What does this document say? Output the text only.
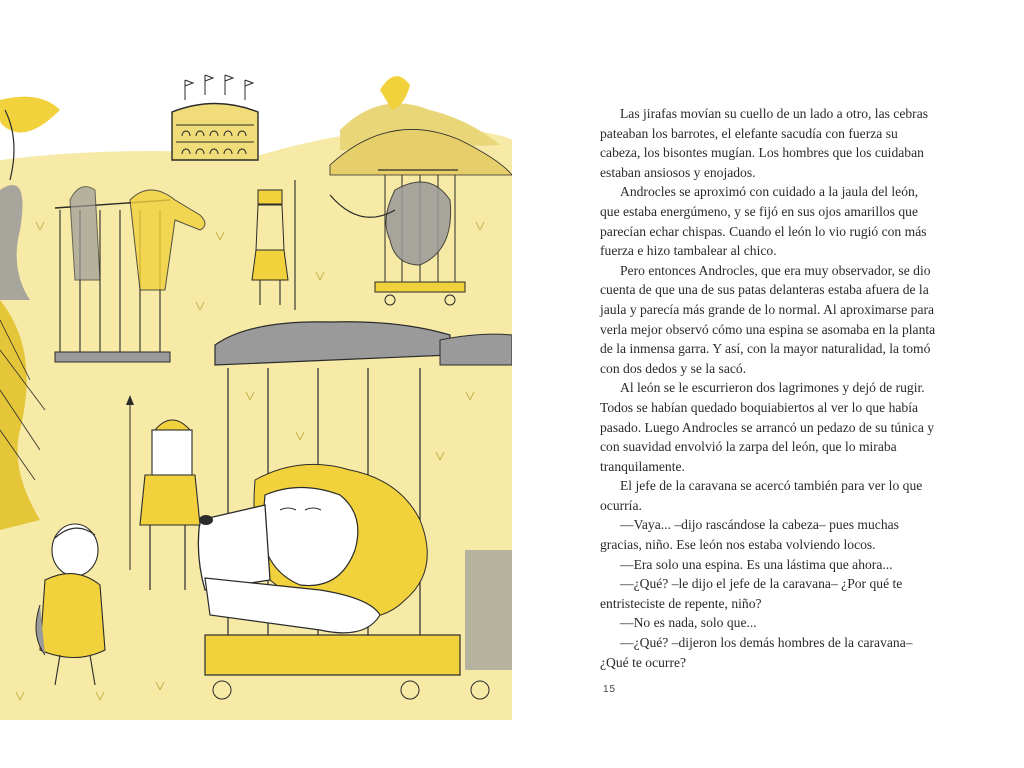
Las jirafas movían su cuello de un lado a otro, las cebras pateaban los barrotes, el elefante sacudía con fuerza su cabeza, los bisontes mugían. Los hombres que los cuidaban estaban ansiosos y enojados.

Androcles se aproximó con cuidado a la jaula del león, que estaba energúmeno, y se fijó en sus ojos amarillos que parecían echar chispas. Cuando el león lo vio rugió con más fuerza e hizo tambalear al chico.

Pero entonces Androcles, que era muy observador, se dio cuenta de que una de sus patas delanteras estaba afuera de la jaula y parecía más grande de lo normal. Al aproximarse para verla mejor observó cómo una espina se asomaba en la planta de la inmensa garra. Y así, con la mayor naturalidad, la tomó con dos dedos y se la sacó.

Al león se le escurrieron dos lagrimones y dejó de rugir. Todos se habían quedado boquiabiertos al ver lo que había pasado. Luego Androcles se arrancó un pedazo de su túnica y con suavidad envolvió la zarpa del león, que lo miraba tranquilamente.

El jefe de la caravana se acercó también para ver lo que ocurría.

—Vaya... –dijo rascándose la cabeza– pues muchas gracias, niño. Ese león nos estaba volviendo locos.

—Era solo una espina. Es una lástima que ahora...

—¿Qué? –le dijo el jefe de la caravana– ¿Por qué te entristeciste de repente, niño?

—No es nada, solo que...

—¿Qué? –dijeron los demás hombres de la caravana– ¿Qué te ocurre?

15
